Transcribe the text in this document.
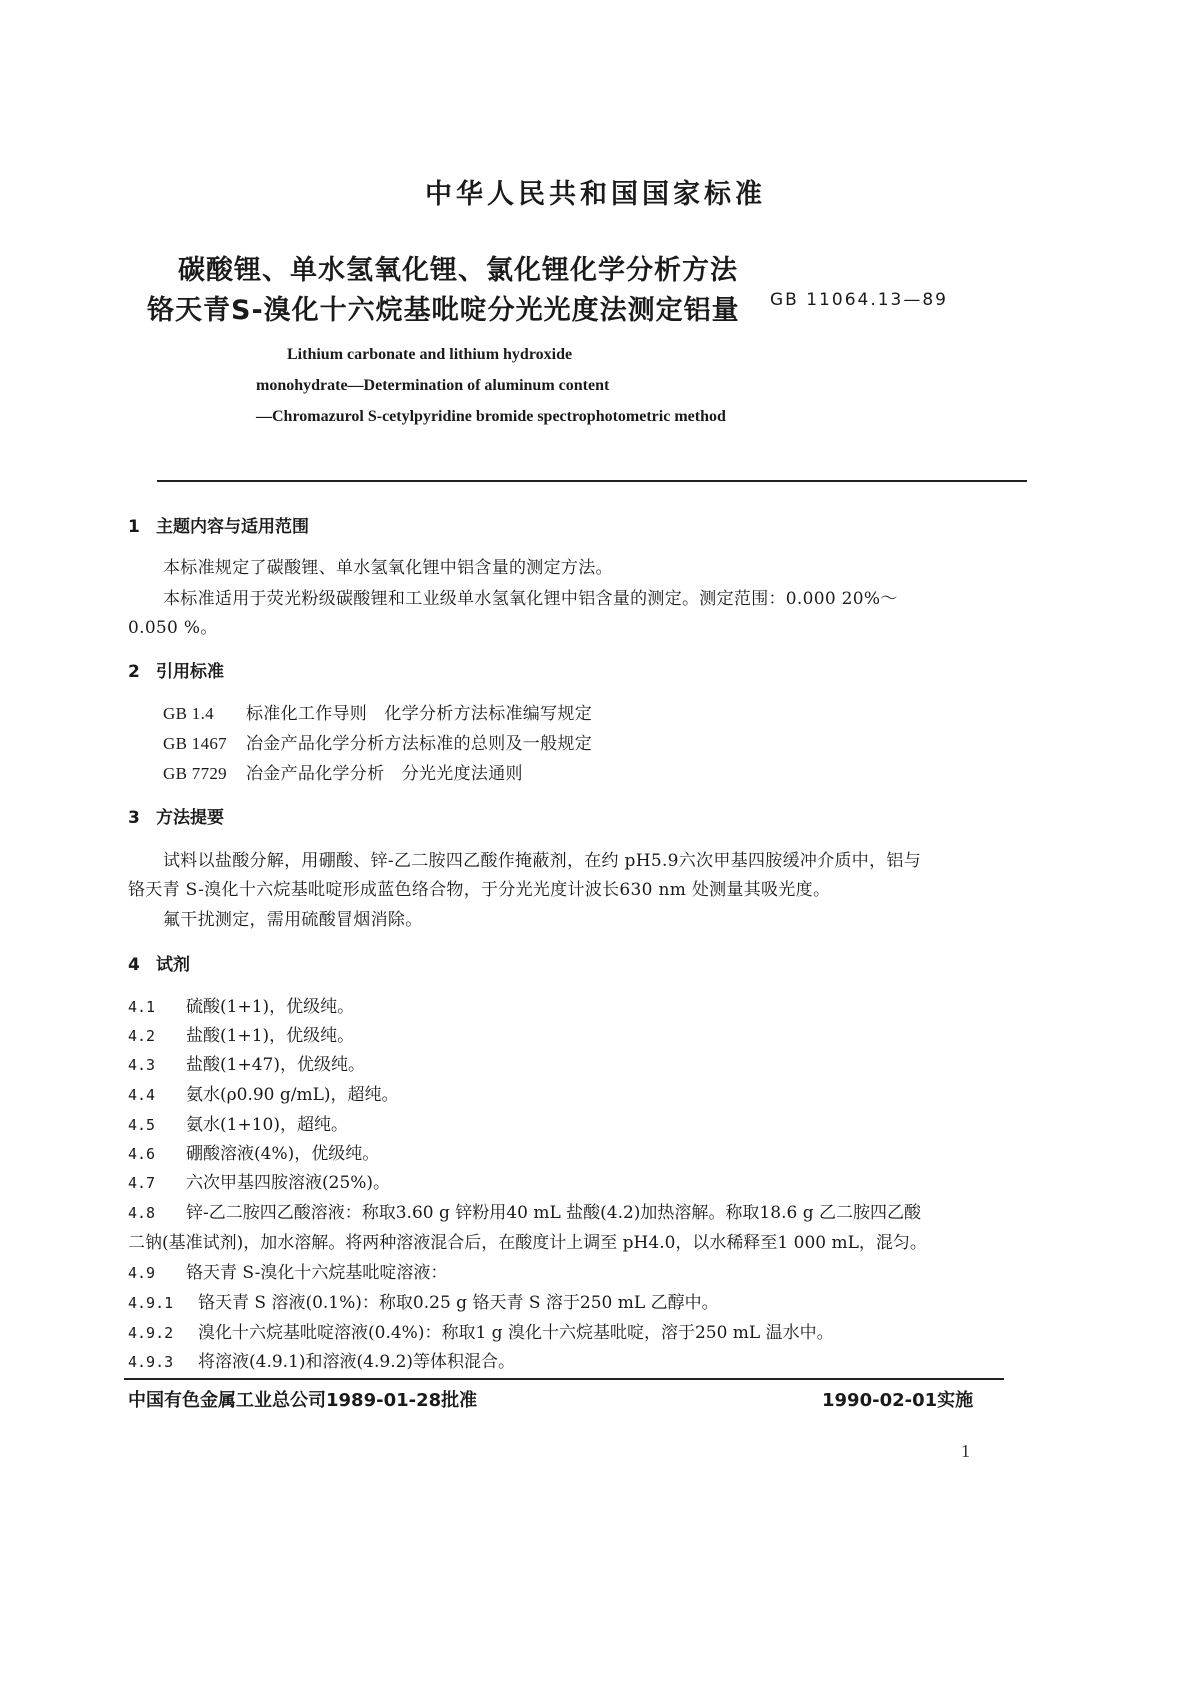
中华人民共和国国家标准
碳酸锂、单水氢氧化锂、氯化锂化学分析方法
铬天青S-溴化十六烷基吡啶分光光度法测定铝量 GB 11064.13—89
Lithium carbonate and lithium hydroxide
monohydrate—Determination of aluminum content
—Chromazurol S-cetylpyridine bromide spectrophotometric method
1 主题内容与适用范围
本标准规定了碳酸锂、单水氢氧化锂中铝含量的测定方法。
本标准适用于荧光粉级碳酸锂和工业级单水氢氧化锂中铝含量的测定。测定范围：0.000 20%～
0.050 %。
2 引用标准
GB 1.4 标准化工作导则　化学分析方法标准编写规定
GB 1467 冶金产品化学分析方法标准的总则及一般规定
GB 7729 冶金产品化学分析　分光光度法通则
3 方法提要
试料以盐酸分解，用硼酸、锌-乙二胺四乙酸作掩蔽剂，在约 pH5.9六次甲基四胺缓冲介质中，铝与
铬天青 S-溴化十六烷基吡啶形成蓝色络合物，于分光光度计波长630 nm 处测量其吸光度。
氟干扰测定，需用硫酸冒烟消除。
4 试剂
4.1 硫酸(1+1)，优级纯。
4.2 盐酸(1+1)，优级纯。
4.3 盐酸(1+47)，优级纯。
4.4 氨水(ρ0.90 g/mL)，超纯。
4.5 氨水(1+10)，超纯。
4.6 硼酸溶液(4%)，优级纯。
4.7 六次甲基四胺溶液(25%)。
4.8 锌-乙二胺四乙酸溶液：称取3.60 g 锌粉用40 mL 盐酸(4.2)加热溶解。称取18.6 g 乙二胺四乙酸
二钠(基准试剂)，加水溶解。将两种溶液混合后，在酸度计上调至 pH4.0，以水稀释至1 000 mL，混匀。
4.9 铬天青 S-溴化十六烷基吡啶溶液：
4.9.1 铬天青 S 溶液(0.1%)：称取0.25 g 铬天青 S 溶于250 mL 乙醇中。
4.9.2 溴化十六烷基吡啶溶液(0.4%)：称取1 g 溴化十六烷基吡啶，溶于250 mL 温水中。
4.9.3 将溶液(4.9.1)和溶液(4.9.2)等体积混合。
中国有色金属工业总公司1989-01-28批准	1990-02-01实施
1
